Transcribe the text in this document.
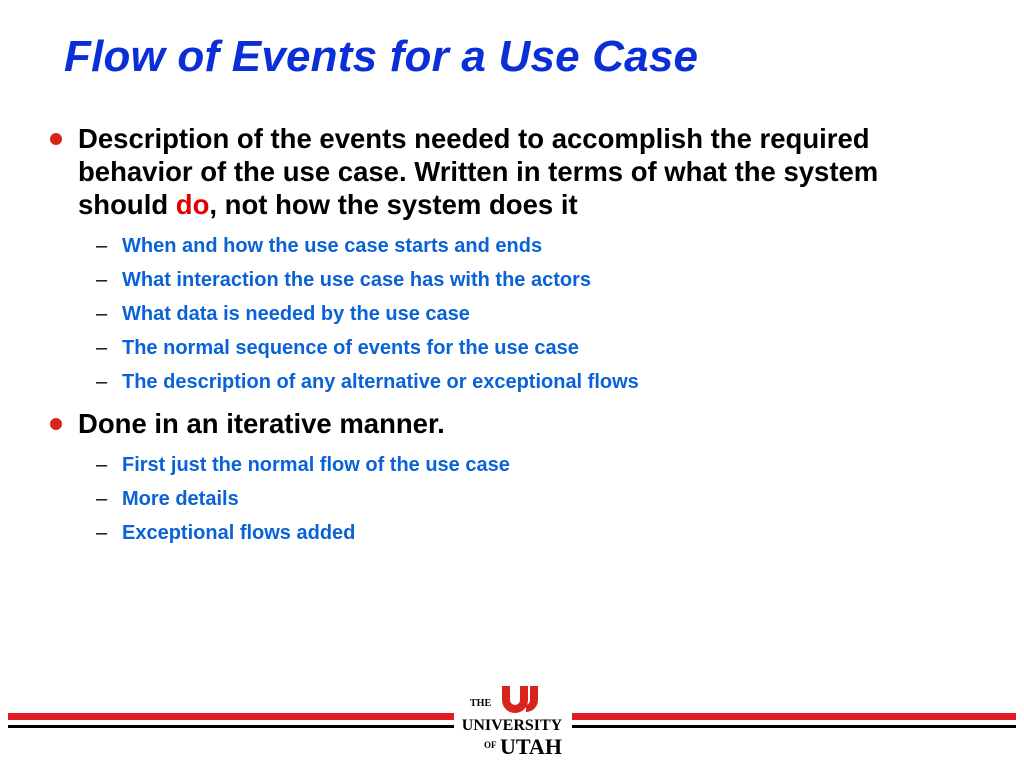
Flow of Events for a Use Case
Description of the events needed to accomplish the required behavior of the use case. Written in terms of what the system should do, not how the system does it
– When and how the use case starts and ends
– What interaction the use case has with the actors
– What data is needed by the use case
– The normal sequence of events for the use case
– The description of any alternative or exceptional flows
Done in an iterative manner.
– First just the normal flow of the use case
– More details
– Exceptional flows added
THE
UNIVERSITY
OF UTAH
